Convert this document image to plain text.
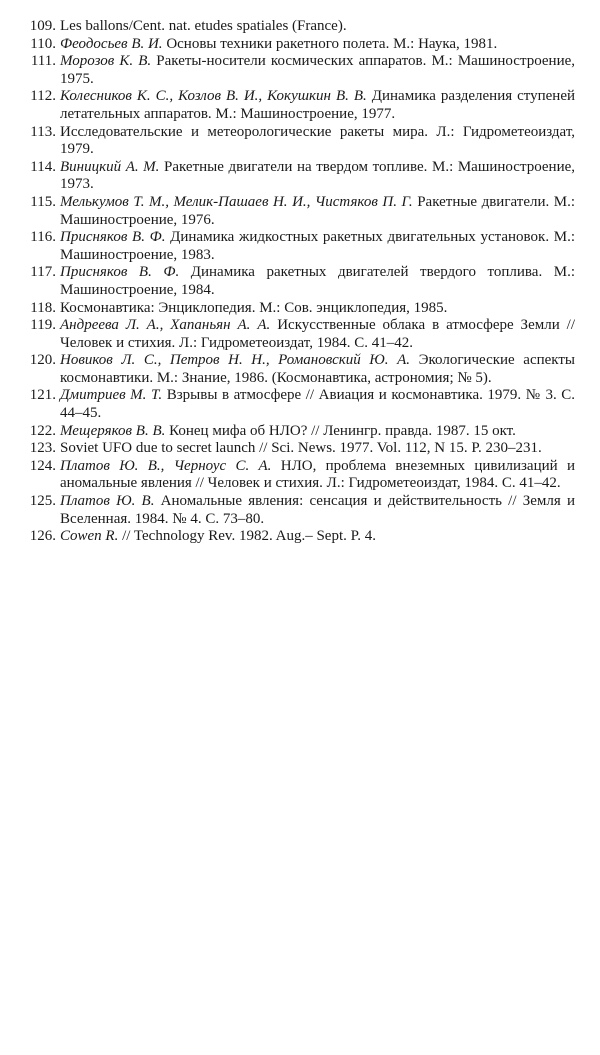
109. Les ballons/Cent. nat. etudes spatiales (France).
110. Феодосьев В. И. Основы техники ракетного полета. М.: Наука, 1981.
111. Морозов К. В. Ракеты-носители космических аппаратов. М.: Машиностроение, 1975.
112. Колесников К. С., Козлов В. И., Кокушкин В. В. Динамика разделения ступеней летательных аппаратов. М.: Машиностроение, 1977.
113. Исследовательские и метеорологические ракеты мира. Л.: Гидрометеоиздат, 1979.
114. Виницкий А. М. Ракетные двигатели на твердом топливе. М.: Машиностроение, 1973.
115. Мелькумов Т. М., Мелик-Пашаев Н. И., Чистяков П. Г. Ракетные двигатели. М.: Машиностроение, 1976.
116. Присняков В. Ф. Динамика жидкостных ракетных двигательных установок. М.: Машиностроение, 1983.
117. Присняков В. Ф. Динамика ракетных двигателей твердого топлива. М.: Машиностроение, 1984.
118. Космонавтика: Энциклопедия. М.: Сов. энциклопедия, 1985.
119. Андреева Л. А., Хапаньян А. А. Искусственные облака в атмосфере Земли // Человек и стихия. Л.: Гидрометеоиздат, 1984. С. 41–42.
120. Новиков Л. С., Петров Н. Н., Романовский Ю. А. Экологические аспекты космонавтики. М.: Знание, 1986. (Космонавтика, астрономия; № 5).
121. Дмитриев М. Т. Взрывы в атмосфере // Авиация и космонавтика. 1979. № 3. С. 44–45.
122. Мещеряков В. В. Конец мифа об НЛО? // Ленингр. правда. 1987. 15 окт.
123. Soviet UFO due to secret launch // Sci. News. 1977. Vol. 112, N 15. P. 230–231.
124. Платов Ю. В., Черноус С. А. НЛО, проблема внеземных цивилизаций и аномальные явления // Человек и стихия. Л.: Гидрометеоиздат, 1984. С. 41–42.
125. Платов Ю. В. Аномальные явления: сенсация и действительность // Земля и Вселенная. 1984. № 4. С. 73–80.
126. Cowen R. // Technology Rev. 1982. Aug.– Sept. P. 4.
